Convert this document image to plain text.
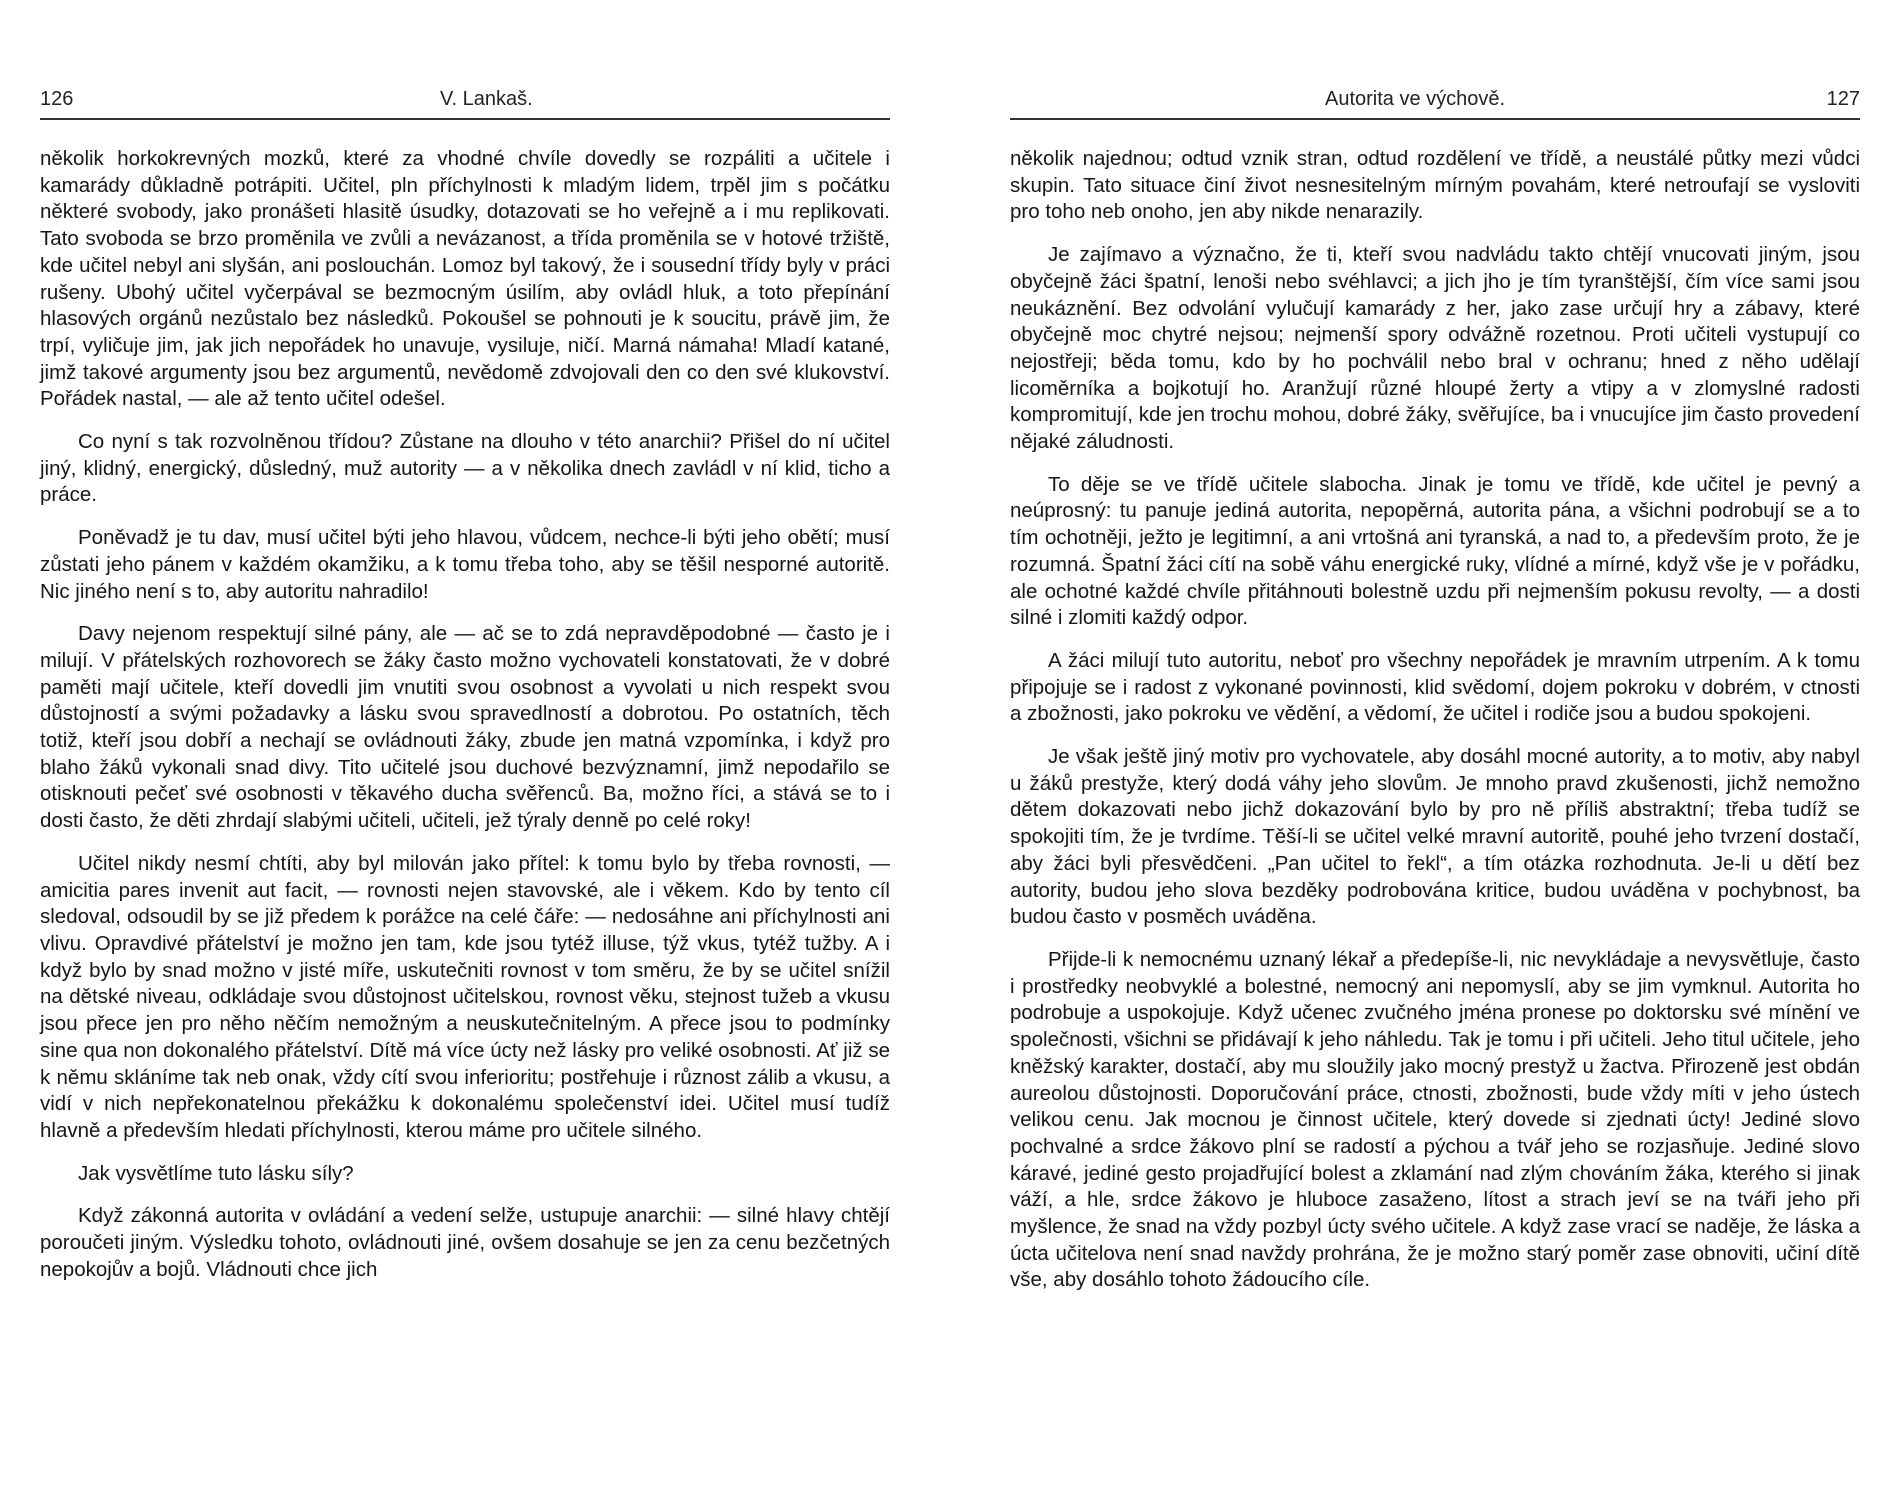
126	V. Lankaš.

několik horkokrevných mozků, které za vhodné chvíle dovedly se rozpáliti a učitele i kamarády důkladně potrápiti. Učitel, pln příchylnosti k mladým lidem, trpěl jim s počátku některé svobody, jako pronášeti hlasitě úsudky, dotazovati se ho veřejně a i mu replikovati. Tato svoboda se brzo proměnila ve zvůli a nevázanost, a třída proměnila se v hotové tržiště, kde učitel nebyl ani slyšán, ani poslouchán. Lomoz byl takový, že i sousední třídy byly v práci rušeny. Ubohý učitel vyčerpával se bezmocným úsilím, aby ovládl hluk, a toto přepínání hlasových orgánů nezůstalo bez následků. Pokoušel se pohnouti je k soucitu, právě jim, že trpí, vyličuje jim, jak jich nepořádek ho unavuje, vysiluje, ničí. Marná námaha! Mladí katané, jimž takové argumenty jsou bez argumentů, nevědomě zdvojovali den co den své klukovství. Pořádek nastal, — ale až tento učitel odešel.

Co nyní s tak rozvolněnou třídou? Zůstane na dlouho v této anarchii? Přišel do ní učitel jiný, klidný, energický, důsledný, muž autority — a v několika dnech zavládl v ní klid, ticho a práce.

Poněvadž je tu dav, musí učitel býti jeho hlavou, vůdcem, nechce-li býti jeho obětí; musí zůstati jeho pánem v každém okamžiku, a k tomu třeba toho, aby se těšil nesporné autoritě. Nic jiného není s to, aby autoritu nahradilo!

Davy nejenom respektují silné pány, ale — ač se to zdá nepravděpodobné — často je i milují. V přátelských rozhovorech se žáky často možno vychovateli konstatovati, že v dobré paměti mají učitele, kteří dovedli jim vnutiti svou osobnost a vyvolati u nich respekt svou důstojností a svými požadavky a lásku svou spravedlností a dobrotou. Po ostatních, těch totiž, kteří jsou dobří a nechají se ovládnouti žáky, zbude jen matná vzpomínka, i když pro blaho žáků vykonali snad divy. Tito učitelé jsou duchové bezvýznamní, jimž nepodařilo se otisknouti pečeť své osobnosti v těkavého ducha svěřenců. Ba, možno říci, a stává se to i dosti často, že děti zhrdají slabými učiteli, učiteli, jež týraly denně po celé roky!

Učitel nikdy nesmí chtíti, aby byl milován jako přítel: k tomu bylo by třeba rovnosti, — amicitia pares invenit aut facit, — rovnosti nejen stavovské, ale i věkem. Kdo by tento cíl sledoval, odsoudil by se již předem k porážce na celé čáře: — nedosáhne ani příchylnosti ani vlivu. Opravdivé přátelství je možno jen tam, kde jsou tytéž illuse, týž vkus, tytéž tužby. A i když bylo by snad možno v jisté míře, uskutečniti rovnost v tom směru, že by se učitel snížil na dětské niveau, odkládaje svou důstojnost učitelskou, rovnost věku, stejnost tužeb a vkusu jsou přece jen pro něho něčím nemožným a neuskutečnitelným. A přece jsou to podmínky sine qua non dokonalého přátelství. Dítě má více úcty než lásky pro veliké osobnosti. Ať již se k němu skláníme tak neb onak, vždy cítí svou inferioritu; postřehuje i různost zálib a vkusu, a vidí v nich nepřekonatelnou překážku k dokonalému společenství idei. Učitel musí tudíž hlavně a především hledati příchylnosti, kterou máme pro učitele silného.

Jak vysvětlíme tuto lásku síly?

Když zákonná autorita v ovládání a vedení selže, ustupuje anarchii: — silné hlavy chtějí poroučeti jiným. Výsledku tohoto, ovládnouti jiné, ovšem dosahuje se jen za cenu bezčetných nepokojův a bojů. Vládnouti chce jich

Autorita ve výchově.	127

několik najednou; odtud vznik stran, odtud rozdělení ve třídě, a neustálé půtky mezi vůdci skupin. Tato situace činí život nesnesitelným mírným povahám, které netroufají se vysloviti pro toho neb onoho, jen aby nikde nenarazily.

Je zajímavo a význačno, že ti, kteří svou nadvládu takto chtějí vnucovati jiným, jsou obyčejně žáci špatní, lenoši nebo svéhlavci; a jich jho je tím tyranštější, čím více sami jsou neukáznění. Bez odvolání vylučují kamarády z her, jako zase určují hry a zábavy, které obyčejně moc chytré nejsou; nejmenší spory odvážně rozetnou. Proti učiteli vystupují co nejostřeji; běda tomu, kdo by ho pochválil nebo bral v ochranu; hned z něho udělají licoměrníka a bojkotují ho. Aranžují různé hloupé žerty a vtipy a v zlomyslné radosti kompromitují, kde jen trochu mohou, dobré žáky, svěřujíce, ba i vnucujíce jim často provedení nějaké záludnosti.

To děje se ve třídě učitele slabocha. Jinak je tomu ve třídě, kde učitel je pevný a neúprosný: tu panuje jediná autorita, nepopěrná, autorita pána, a všichni podrobují se a to tím ochotněji, ježto je legitimní, a ani vrtošná ani tyranská, a nad to, a především proto, že je rozumná. Špatní žáci cítí na sobě váhu energické ruky, vlídné a mírné, když vše je v pořádku, ale ochotné každé chvíle přitáhnouti bolestně uzdu při nejmenším pokusu revolty, — a dosti silné i zlomiti každý odpor.

A žáci milují tuto autoritu, neboť pro všechny nepořádek je mravním utrpením. A k tomu připojuje se i radost z vykonané povinnosti, klid svědomí, dojem pokroku v dobrém, v ctnosti a zbožnosti, jako pokroku ve vědění, a vědomí, že učitel i rodiče jsou a budou spokojeni.

Je však ještě jiný motiv pro vychovatele, aby dosáhl mocné autority, a to motiv, aby nabyl u žáků prestyže, který dodá váhy jeho slovům. Je mnoho pravd zkušenosti, jichž nemožno dětem dokazovati nebo jichž dokazování bylo by pro ně příliš abstraktní; třeba tudíž se spokojiti tím, že je tvrdíme. Těší-li se učitel velké mravní autoritě, pouhé jeho tvrzení dostačí, aby žáci byli přesvědčeni. „Pan učitel to řekl“, a tím otázka rozhodnuta. Je-li u dětí bez autority, budou jeho slova bezděky podrobována kritice, budou uváděna v pochybnost, ba budou často v posměch uváděna.

Přijde-li k nemocnému uznaný lékař a předepíše-li, nic nevykládaje a nevysvětluje, často i prostředky neobvyklé a bolestné, nemocný ani nepomyslí, aby se jim vymknul. Autorita ho podrobuje a uspokojuje. Když učenec zvučného jména pronese po doktorsku své mínění ve společnosti, všichni se přidávají k jeho náhledu. Tak je tomu i při učiteli. Jeho titul učitele, jeho kněžský karakter, dostačí, aby mu sloužily jako mocný prestyž u žactva. Přirozeně jest obdán aureolou důstojnosti. Doporučování práce, ctnosti, zbožnosti, bude vždy míti v jeho ústech velikou cenu. Jak mocnou je činnost učitele, který dovede si zjednati úcty! Jediné slovo pochvalné a srdce žákovo plní se radostí a pýchou a tvář jeho se rozjasňuje. Jediné slovo káravé, jediné gesto projadřující bolest a zklamání nad zlým chováním žáka, kterého si jinak váží, a hle, srdce žákovo je hluboce zasaženo, lítost a strach jeví se na tváři jeho při myšlence, že snad na vždy pozbyl úcty svého učitele. A když zase vrací se naděje, že láska a úcta učitelova není snad navždy prohrána, že je možno starý poměr zase obnoviti, učiní dítě vše, aby dosáhlo tohoto žádoucího cíle.
